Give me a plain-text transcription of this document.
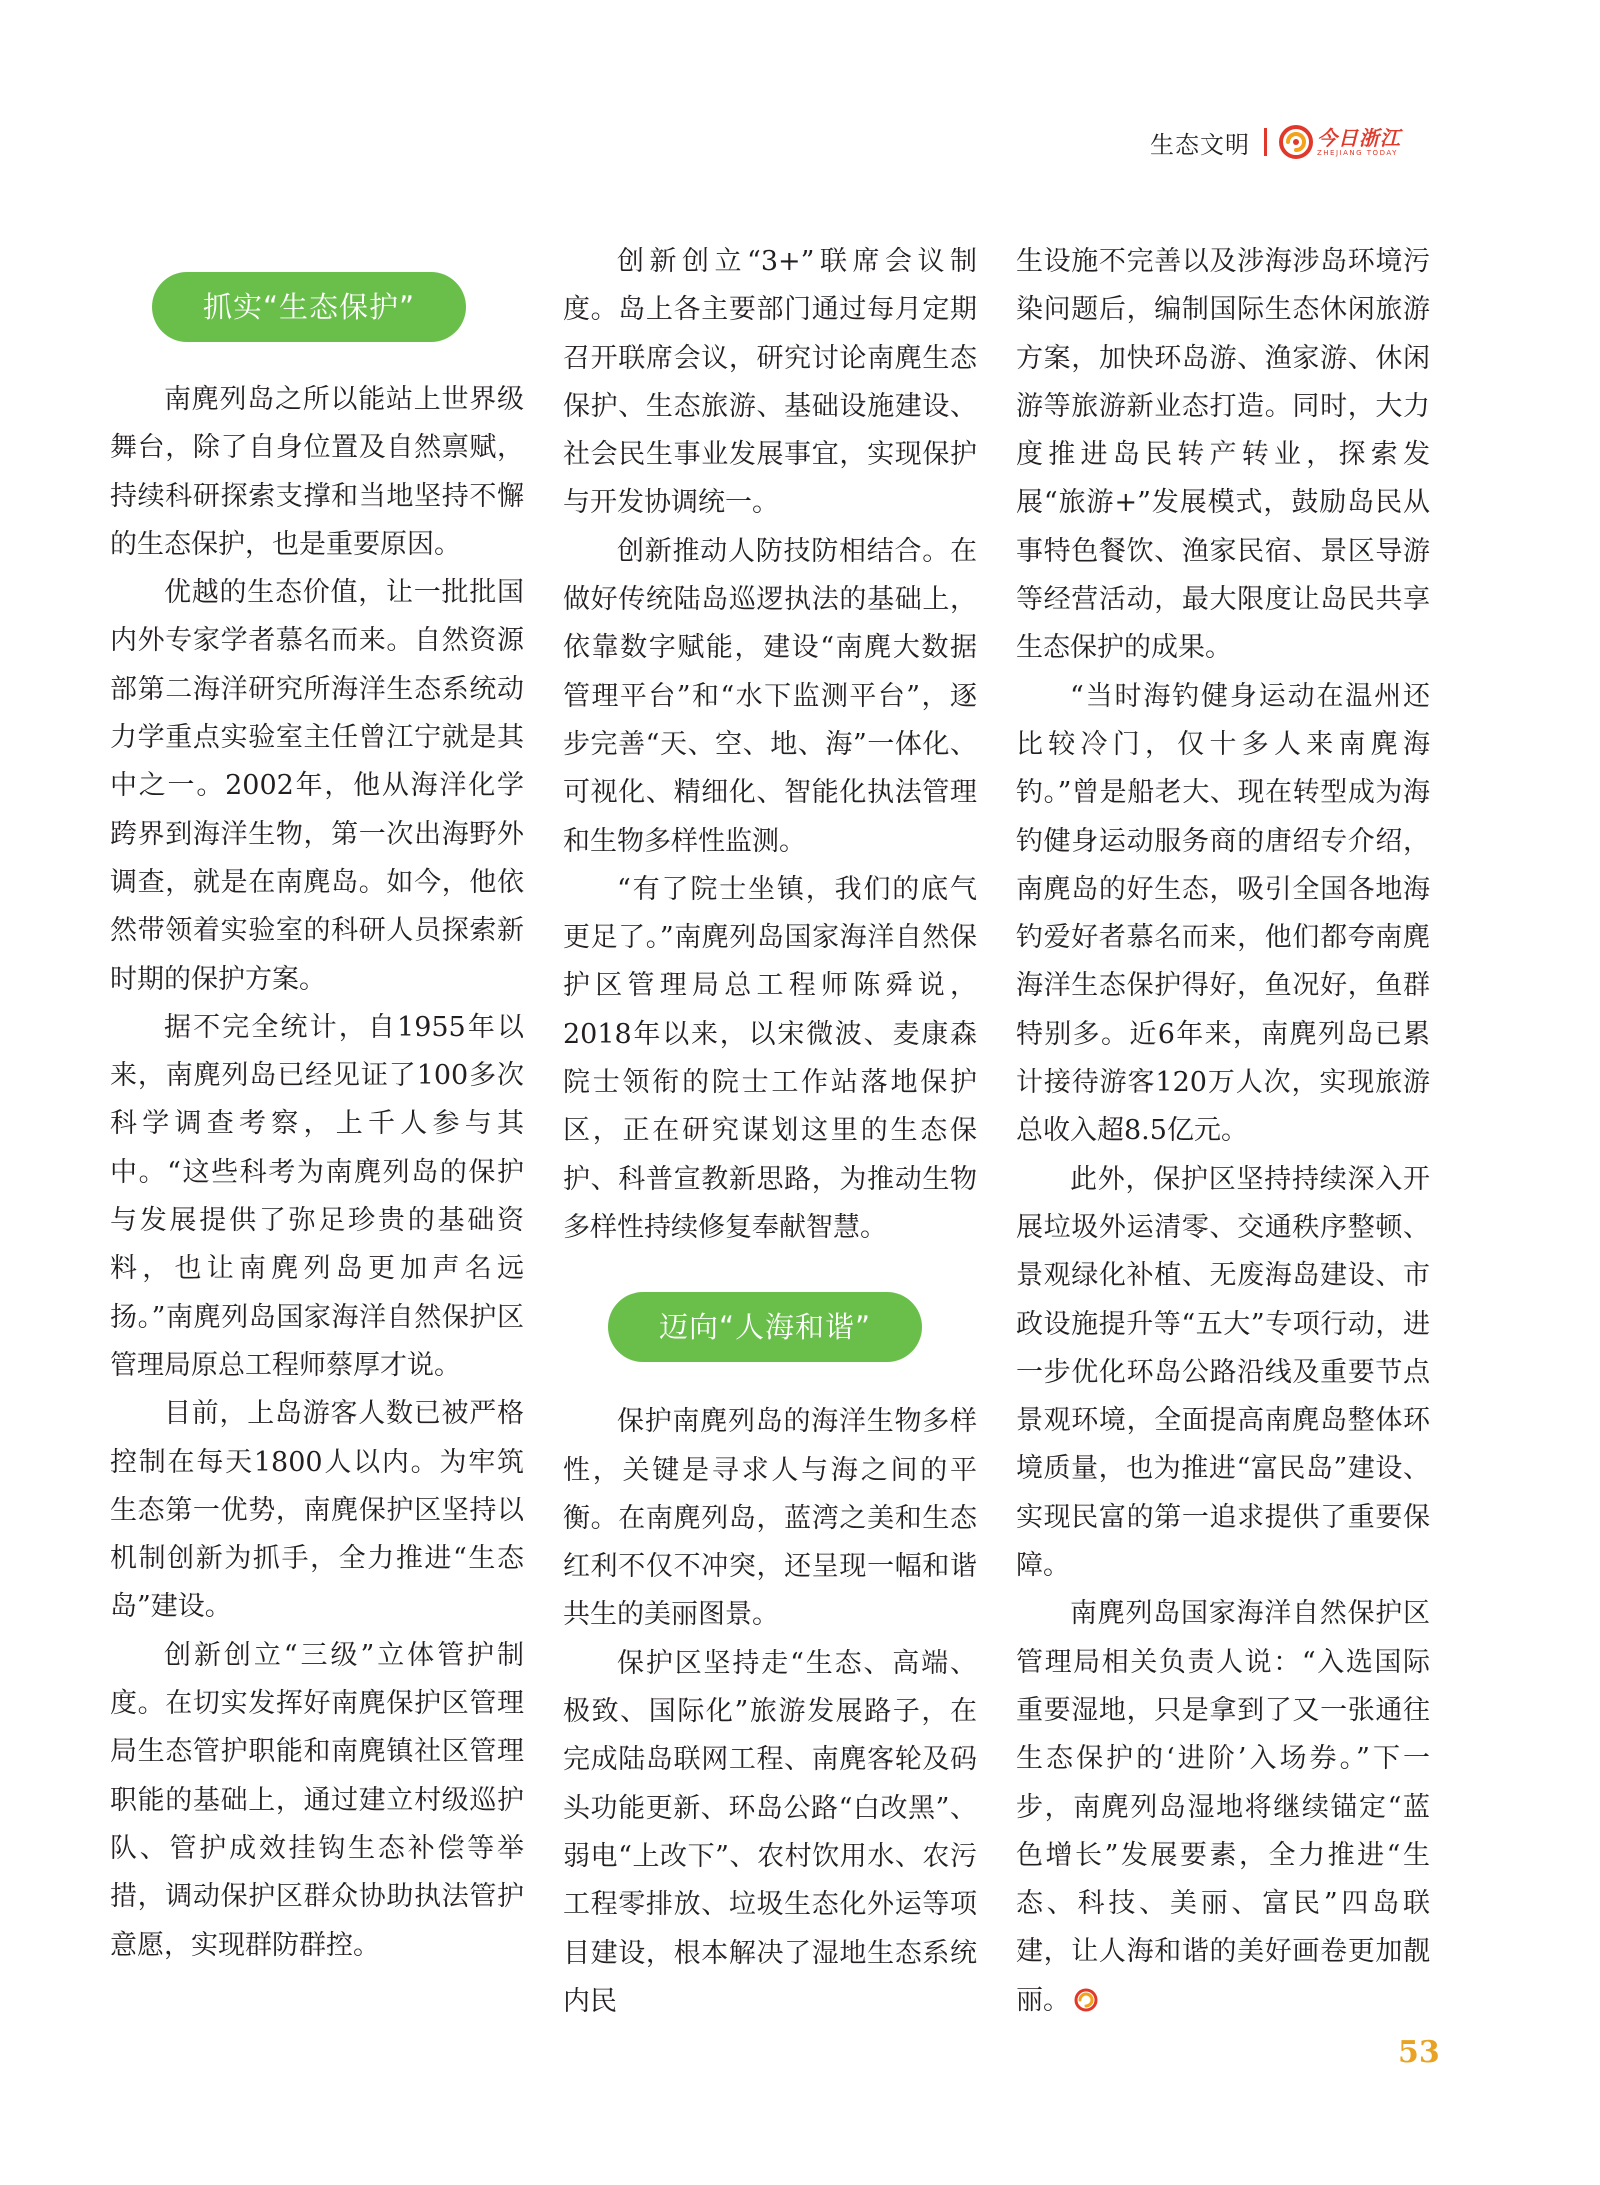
生态文明	今日浙江
ZHEJIANG TODAY
抓实“生态保护”

南麂列岛之所以能站上世界级舞台，除了自身位置及自然禀赋，持续科研探索支撑和当地坚持不懈的生态保护，也是重要原因。

优越的生态价值，让一批批国内外专家学者慕名而来。自然资源部第二海洋研究所海洋生态系统动力学重点实验室主任曾江宁就是其中之一。2002年，他从海洋化学跨界到海洋生物，第一次出海野外调查，就是在南麂岛。如今，他依然带领着实验室的科研人员探索新时期的保护方案。

据不完全统计，自1955年以来，南麂列岛已经见证了100多次科学调查考察，上千人参与其中。“这些科考为南麂列岛的保护与发展提供了弥足珍贵的基础资料，也让南麂列岛更加声名远扬。”南麂列岛国家海洋自然保护区管理局原总工程师蔡厚才说。

目前，上岛游客人数已被严格控制在每天1800人以内。为牢筑生态第一优势，南麂保护区坚持以机制创新为抓手，全力推进“生态岛”建设。

创新创立“三级”立体管护制度。在切实发挥好南麂保护区管理局生态管护职能和南麂镇社区管理职能的基础上，通过建立村级巡护队、管护成效挂钩生态补偿等举措，调动保护区群众协助执法管护意愿，实现群防群控。

创新创立“3+”联席会议制度。岛上各主要部门通过每月定期召开联席会议，研究讨论南麂生态保护、生态旅游、基础设施建设、社会民生事业发展事宜，实现保护与开发协调统一。

创新推动人防技防相结合。在做好传统陆岛巡逻执法的基础上，依靠数字赋能，建设“南麂大数据管理平台”和“水下监测平台”，逐步完善“天、空、地、海”一体化、可视化、精细化、智能化执法管理和生物多样性监测。

“有了院士坐镇，我们的底气更足了。”南麂列岛国家海洋自然保护区管理局总工程师陈舜说，2018年以来，以宋微波、麦康森院士领衔的院士工作站落地保护区，正在研究谋划这里的生态保护、科普宣教新思路，为推动生物多样性持续修复奉献智慧。

迈向“人海和谐”

保护南麂列岛的海洋生物多样性，关键是寻求人与海之间的平衡。在南麂列岛，蓝湾之美和生态红利不仅不冲突，还呈现一幅和谐共生的美丽图景。

保护区坚持走“生态、高端、极致、国际化”旅游发展路子，在完成陆岛联网工程、南麂客轮及码头功能更新、环岛公路“白改黑”、弱电“上改下”、农村饮用水、农污工程零排放、垃圾生态化外运等项目建设，根本解决了湿地生态系统内民

生设施不完善以及涉海涉岛环境污染问题后，编制国际生态休闲旅游方案，加快环岛游、渔家游、休闲游等旅游新业态打造。同时，大力度推进岛民转产转业，探索发展“旅游+”发展模式，鼓励岛民从事特色餐饮、渔家民宿、景区导游等经营活动，最大限度让岛民共享生态保护的成果。

“当时海钓健身运动在温州还比较冷门，仅十多人来南麂海钓。”曾是船老大、现在转型成为海钓健身运动服务商的唐绍专介绍，南麂岛的好生态，吸引全国各地海钓爱好者慕名而来，他们都夸南麂海洋生态保护得好，鱼况好，鱼群特别多。近6年来，南麂列岛已累计接待游客120万人次，实现旅游总收入超8.5亿元。

此外，保护区坚持持续深入开展垃圾外运清零、交通秩序整顿、景观绿化补植、无废海岛建设、市政设施提升等“五大”专项行动，进一步优化环岛公路沿线及重要节点景观环境，全面提高南麂岛整体环境质量，也为推进“富民岛”建设、实现民富的第一追求提供了重要保障。

南麂列岛国家海洋自然保护区管理局相关负责人说：“入选国际重要湿地，只是拿到了又一张通往生态保护的‘进阶’入场券。”下一步，南麂列岛湿地将继续锚定“蓝色增长”发展要素，全力推进“生态、科技、美丽、富民”四岛联建，让人海和谐的美好画卷更加靓丽。

53
